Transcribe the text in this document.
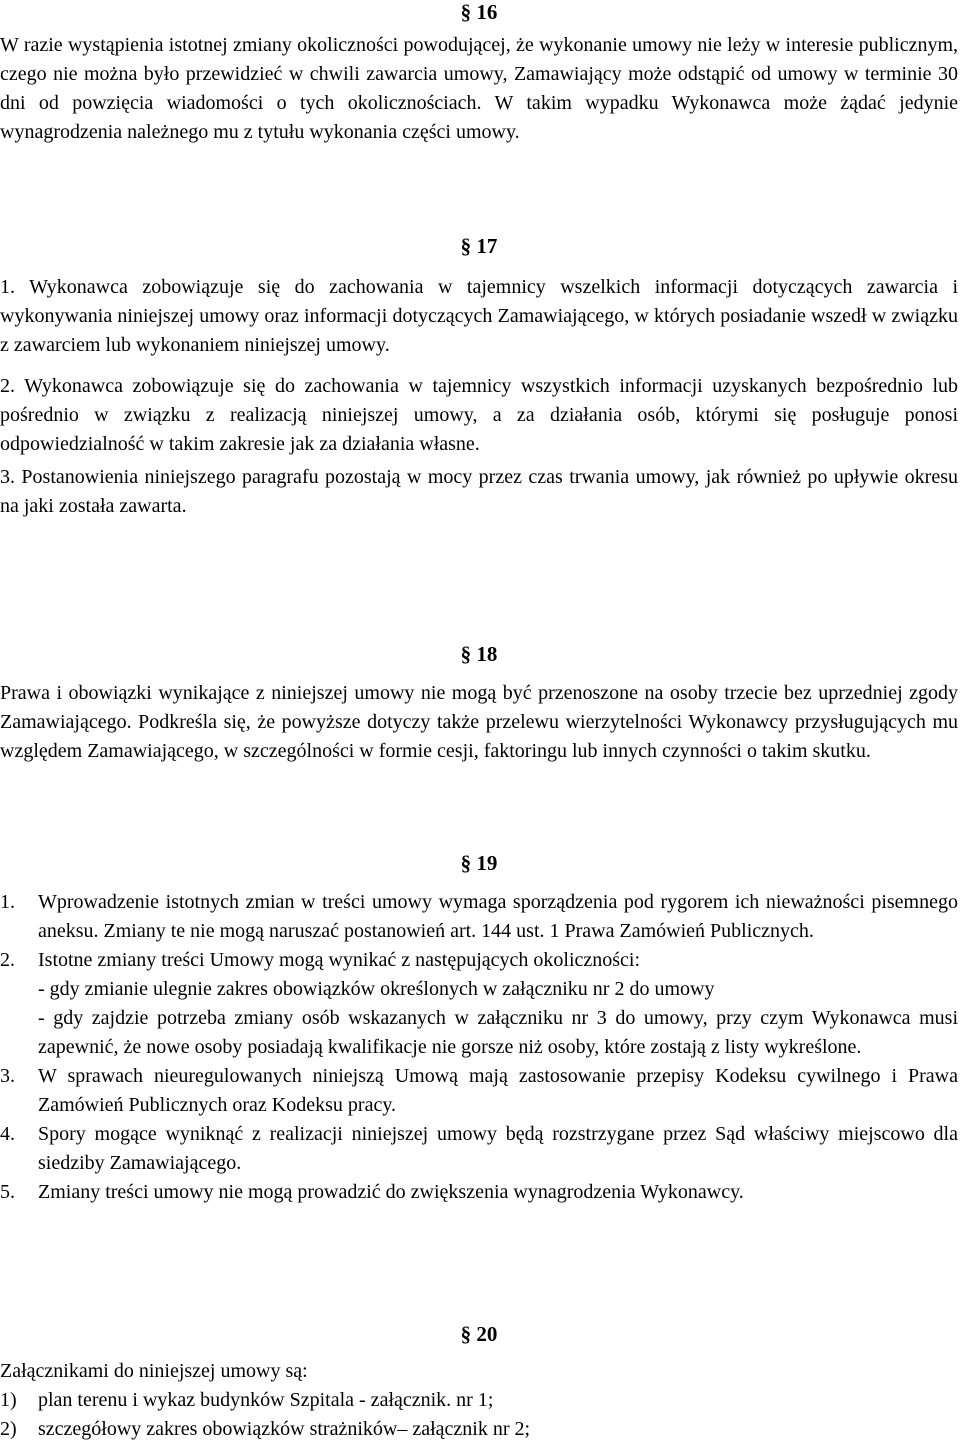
§ 16

W razie wystąpienia istotnej zmiany okoliczności powodującej, że wykonanie umowy nie leży w interesie publicznym, czego nie można było przewidzieć w chwili zawarcia umowy, Zamawiający może odstąpić od umowy w terminie 30 dni od powzięcia wiadomości o tych okolicznościach. W takim wypadku Wykonawca może żądać jedynie wynagrodzenia należnego mu z tytułu wykonania części umowy.

§ 17

1. Wykonawca zobowiązuje się do zachowania w tajemnicy wszelkich informacji dotyczących zawarcia i wykonywania niniejszej umowy oraz informacji dotyczących Zamawiającego, w których posiadanie wszedł w związku z zawarciem lub wykonaniem niniejszej umowy.

2. Wykonawca zobowiązuje się do zachowania w tajemnicy wszystkich informacji uzyskanych bezpośrednio lub pośrednio w związku z realizacją niniejszej umowy, a za działania osób, którymi się posługuje ponosi odpowiedzialność w takim zakresie jak za działania własne.

3. Postanowienia niniejszego paragrafu pozostają w mocy przez czas trwania umowy, jak również po upływie okresu na jaki została zawarta.

§ 18

Prawa i obowiązki wynikające z niniejszej umowy nie mogą być przenoszone na osoby trzecie bez uprzedniej zgody Zamawiającego. Podkreśla się, że powyższe dotyczy także przelewu wierzytelności Wykonawcy przysługujących mu względem Zamawiającego, w szczególności w formie cesji, faktoringu lub innych czynności o takim skutku.

§ 19
1.	Wprowadzenie istotnych zmian w treści umowy wymaga sporządzenia pod rygorem ich nieważności pisemnego aneksu. Zmiany te nie mogą naruszać postanowień art. 144 ust. 1 Prawa Zamówień Publicznych.
2.	Istotne zmiany treści Umowy mogą wynikać z następujących okoliczności:
- gdy zmianie ulegnie zakres obowiązków określonych w załączniku nr 2 do umowy
- gdy zajdzie potrzeba zmiany osób wskazanych w załączniku nr 3 do umowy, przy czym Wykonawca musi zapewnić, że nowe osoby posiadają kwalifikacje nie gorsze niż osoby, które zostają z listy wykreślone.
3.	W sprawach nieuregulowanych niniejszą Umową mają zastosowanie przepisy Kodeksu cywilnego i Prawa Zamówień Publicznych oraz Kodeksu pracy.
4.	Spory mogące wyniknąć z realizacji niniejszej umowy będą rozstrzygane przez Sąd właściwy miejscowo dla siedziby Zamawiającego.
5.	Zmiany treści umowy nie mogą prowadzić do zwiększenia wynagrodzenia Wykonawcy.
§ 20

Załącznikami do niniejszej umowy są:

1)	plan terenu i wykaz budynków Szpitala - załącznik. nr 1;
2)	szczegółowy zakres obowiązków strażników– załącznik nr 2;
